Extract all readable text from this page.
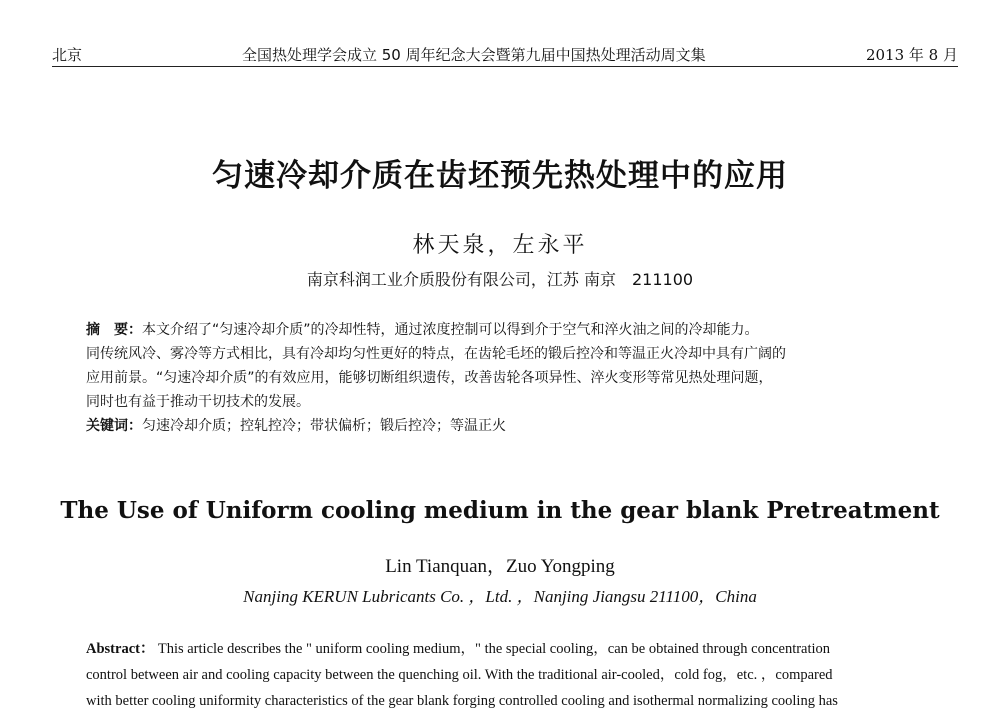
北京	全国热处理学会成立 50 周年纪念大会暨第九届中国热处理活动周文集	2013 年 8 月
匀速冷却介质在齿坯预先热处理中的应用
林天泉，左永平
南京科润工业介质股份有限公司，江苏 南京　211100

摘　要：本文介绍了“匀速冷却介质”的冷却性特，通过浓度控制可以得到介于空气和淬火油之间的冷却能力。

同传统风冷、雾冷等方式相比，具有冷却均匀性更好的特点，在齿轮毛坯的锻后控冷和等温正火冷却中具有广阔的

应用前景。“匀速冷却介质”的有效应用，能够切断组织遗传，改善齿轮各项异性、淬火变形等常见热处理问题，

同时也有益于推动干切技术的发展。

关键词：匀速冷却介质；控轧控冷；带状偏析；锻后控冷；等温正火

The Use of Uniform cooling medium in the gear blank Pretreatment
Lin Tianquan，Zuo Yongping
Nanjing KERUN Lubricants Co. ，Ltd. ，Nanjing Jiangsu 211100，China

Abstract： This article describes the " uniform cooling medium，" the special cooling，can be obtained through concentration

control between air and cooling capacity between the quenching oil. With the traditional air-cooled，cold fog，etc. ，compared

with better cooling uniformity characteristics of the gear blank forging controlled cooling and isothermal normalizing cooling has
